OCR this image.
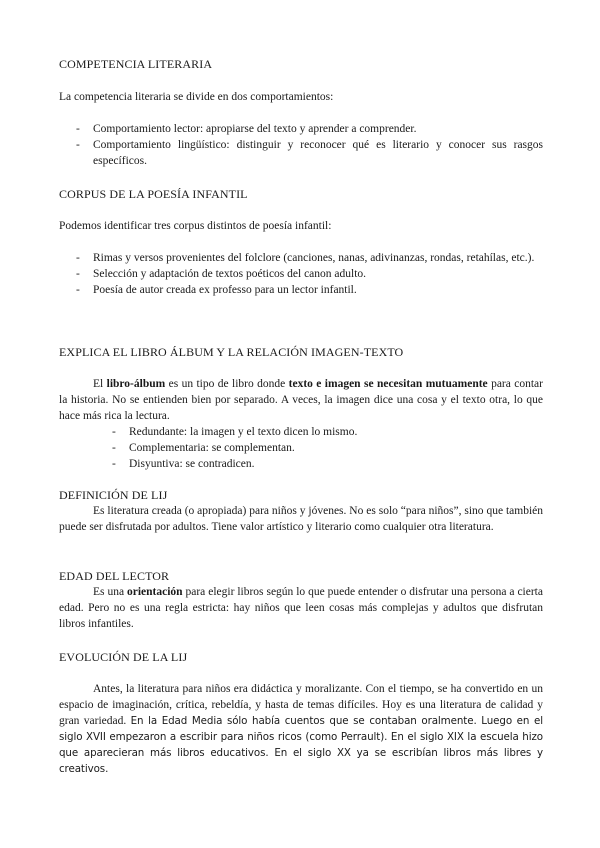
COMPETENCIA LITERARIA
La competencia literaria se divide en dos comportamientos:
- Comportamiento lector: apropiarse del texto y aprender a comprender.
- Comportamiento lingüístico: distinguir y reconocer qué es literario y conocer sus rasgos específicos.
CORPUS DE LA POESÍA INFANTIL
Podemos identificar tres corpus distintos de poesía infantil:
- Rimas y versos provenientes del folclore (canciones, nanas, adivinanzas, rondas, retahílas, etc.).
- Selección y adaptación de textos poéticos del canon adulto.
- Poesía de autor creada ex professo para un lector infantil.
EXPLICA EL LIBRO ÁLBUM Y LA RELACIÓN IMAGEN-TEXTO
El libro-álbum es un tipo de libro donde texto e imagen se necesitan mutuamente para contar la historia. No se entienden bien por separado. A veces, la imagen dice una cosa y el texto otra, lo que hace más rica la lectura.
- Redundante: la imagen y el texto dicen lo mismo.
- Complementaria: se complementan.
- Disyuntiva: se contradicen.
DEFINICIÓN DE LIJ
Es literatura creada (o apropiada) para niños y jóvenes. No es solo “para niños”, sino que también puede ser disfrutada por adultos. Tiene valor artístico y literario como cualquier otra literatura.
EDAD DEL LECTOR
Es una orientación para elegir libros según lo que puede entender o disfrutar una persona a cierta edad. Pero no es una regla estricta: hay niños que leen cosas más complejas y adultos que disfrutan libros infantiles.
EVOLUCIÓN DE LA LIJ
Antes, la literatura para niños era didáctica y moralizante. Con el tiempo, se ha convertido en un espacio de imaginación, crítica, rebeldía, y hasta de temas difíciles. Hoy es una literatura de calidad y gran variedad. En la Edad Media sólo había cuentos que se contaban oralmente. Luego en el siglo XVII empezaron a escribir para niños ricos (como Perrault). En el siglo XIX la escuela hizo que aparecieran más libros educativos. En el siglo XX ya se escribían libros más libres y creativos.
